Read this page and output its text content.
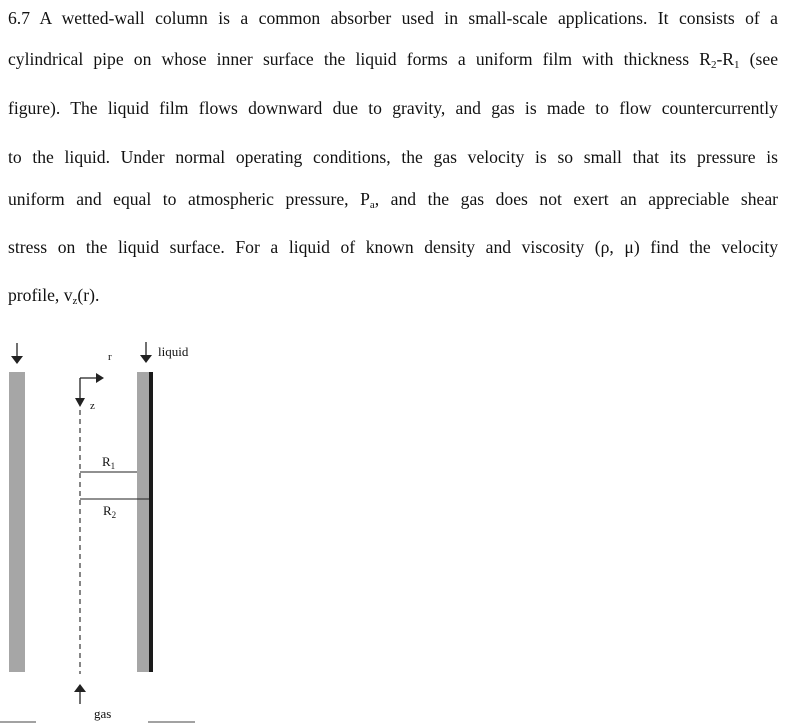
6.7 A wetted-wall column is a common absorber used in small-scale applications. It consists of a
cylindrical pipe on whose inner surface the liquid forms a uniform film with thickness $R_2-R_1$ (see
figure). The liquid film flows downward due to gravity, and gas is made to flow countercurrently
to the liquid. Under normal operating conditions, the gas velocity is so small that its pressure is
uniform and equal to atmospheric pressure, $P_a$, and the gas does not exert an appreciable shear
stress on the liquid surface. For a liquid of known density and viscosity (ρ, μ) find the velocity
profile, $v_z(r)$.
liquid
r
z
$R_1$
$R_2$
gas
